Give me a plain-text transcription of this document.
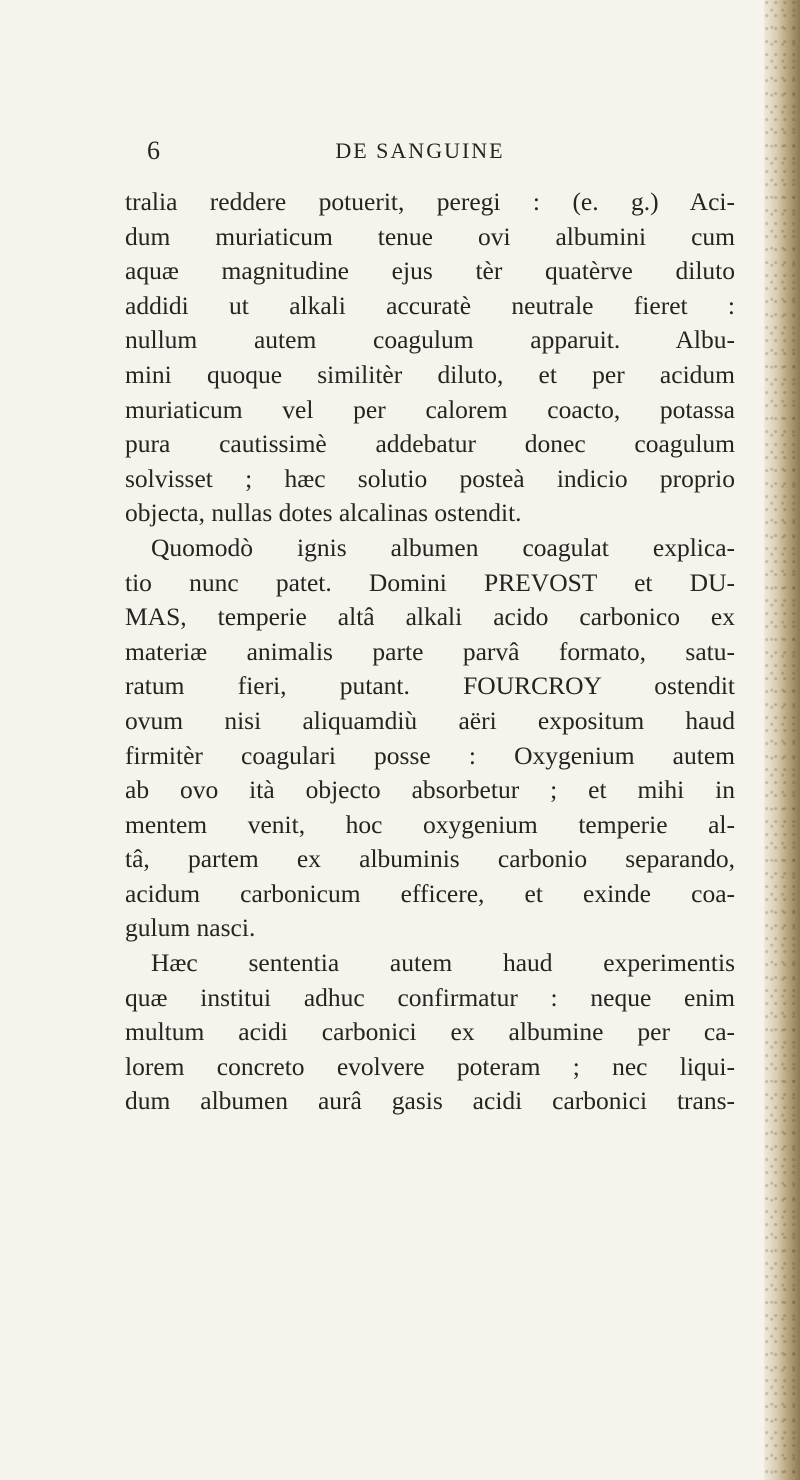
6	DE SANGUINE
tralia reddere potuerit, peregi : (e. g.) Aci-
dum muriaticum tenue ovi albumini cum
aquæ magnitudine ejus tèr quatèrve diluto
addidi ut alkali accuratè neutrale fieret :
nullum autem coagulum apparuit. Albu-
mini quoque similitèr diluto, et per acidum
muriaticum vel per calorem coacto, potassa
pura cautissimè addebatur donec coagulum
solvisset ; hæc solutio posteà indicio proprio
objecta, nullas dotes alcalinas ostendit.
Quomodò ignis albumen coagulat explica-
tio nunc patet. Domini PREVOST et DU-
MAS, temperie altâ alkali acido carbonico ex
materiæ animalis parte parvâ formato, satu-
ratum fieri, putant. FOURCROY ostendit
ovum nisi aliquamdiù aëri expositum haud
firmitèr coagulari posse : Oxygenium autem
ab ovo ità objecto absorbetur ; et mihi in
mentem venit, hoc oxygenium temperie al-
tâ, partem ex albuminis carbonio separando,
acidum carbonicum efficere, et exinde coa-
gulum nasci.
Hæc sententia autem haud experimentis
quæ institui adhuc confirmatur : neque enim
multum acidi carbonici ex albumine per ca-
lorem concreto evolvere poteram ; nec liqui-
dum albumen aurâ gasis acidi carbonici trans-
